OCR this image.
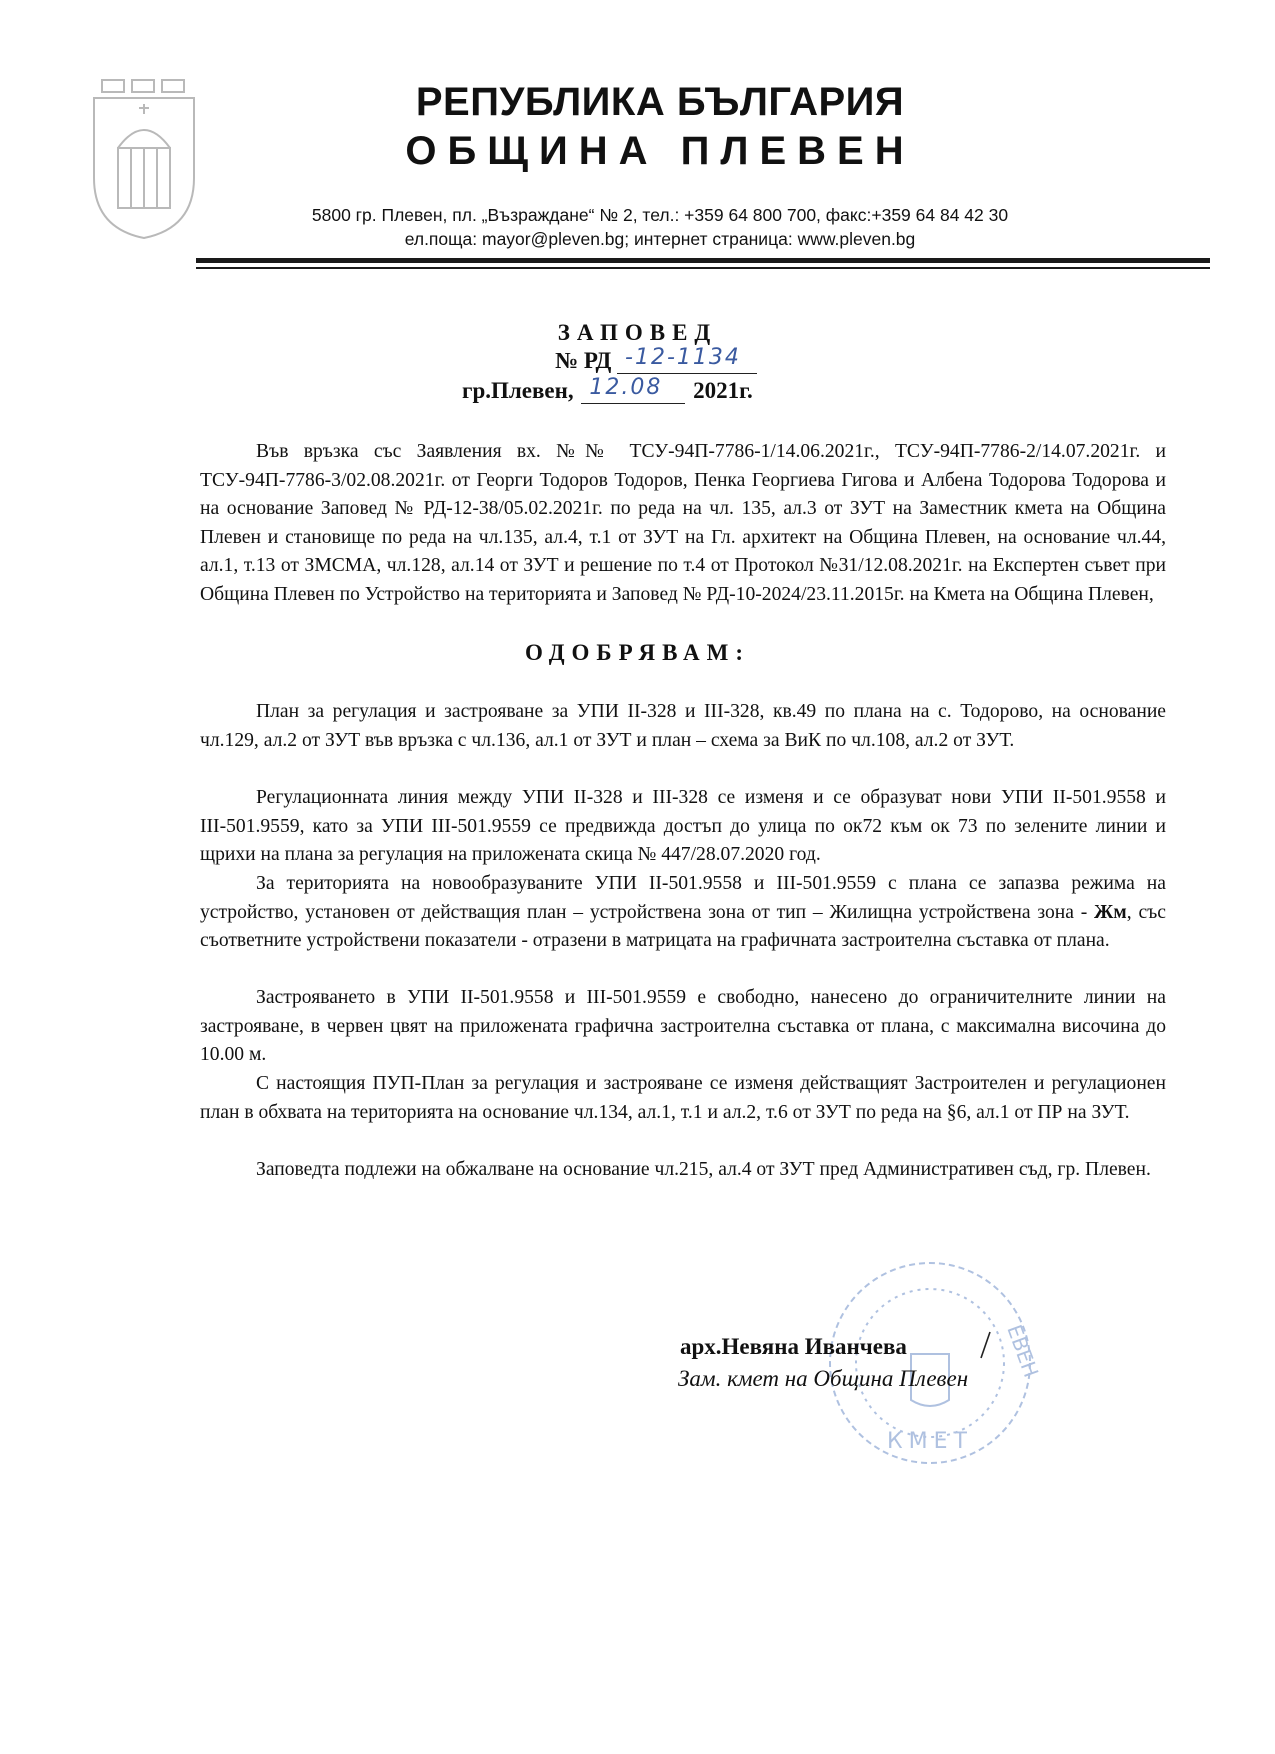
РЕПУБЛИКА БЪЛГАРИЯ
ОБЩИНА ПЛЕВЕН
5800 гр. Плевен, пл. „Възраждане“ № 2, тел.: +359 64 800 700, факс:+359 64 84 42 30
ел.поща: mayor@pleven.bg; интернет страница: www.pleven.bg
ЗАПОВЕД
№ РД -12-1134
гр.Плевен, 12.08 2021г.
Във връзка със Заявления вх. №№ ТСУ-94П-7786-1/14.06.2021г., ТСУ-94П-7786-2/14.07.2021г. и ТСУ-94П-7786-3/02.08.2021г. от Георги Тодоров Тодоров, Пенка Георгиева Гигова и Албена Тодорова Тодорова и на основание Заповед № РД-12-38/05.02.2021г. по реда на чл. 135, ал.3 от ЗУТ на Заместник кмета на Община Плевен и становище по реда на чл.135, ал.4, т.1 от ЗУТ на Гл. архитект на Община Плевен, на основание чл.44, ал.1, т.13 от ЗМСМА, чл.128, ал.14 от ЗУТ и решение по т.4 от Протокол №31/12.08.2021г. на Експертен съвет при Община Плевен по Устройство на територията и Заповед № РД-10-2024/23.11.2015г. на Кмета на Община Плевен,
ОДОБРЯВАМ:
План за регулация и застрояване за УПИ ІІ-328 и ІІІ-328, кв.49 по плана на с. Тодорово, на основание чл.129, ал.2 от ЗУТ във връзка с чл.136, ал.1 от ЗУТ и план – схема за ВиК по чл.108, ал.2 от ЗУТ.
Регулационната линия между УПИ ІІ-328 и ІІІ-328 се изменя и се образуват нови УПИ ІІ-501.9558 и ІІІ-501.9559, като за УПИ ІІІ-501.9559 се предвижда достъп до улица по ок72 към ок 73 по зелените линии и щрихи на плана за регулация на приложената скица № 447/28.07.2020 год.
За територията на новообразуваните УПИ ІІ-501.9558 и ІІІ-501.9559 с плана се запазва режима на устройство, установен от действащия план – устройствена зона от тип – Жилищна устройствена зона - Жм, със съответните устройствени показатели - отразени в матрицата на графичната застроителна съставка от плана.
Застрояването в УПИ ІІ-501.9558 и ІІІ-501.9559 е свободно, нанесено до ограничителните линии на застрояване, в червен цвят на приложената графична застроителна съставка от плана, с максимална височина до 10.00 м.
С настоящия ПУП-План за регулация и застрояване се изменя действащият Застроителен и регулационен план в обхвата на територията на основание чл.134, ал.1, т.1 и ал.2, т.6 от ЗУТ по реда на §6, ал.1 от ПР на ЗУТ.
Заповедта подлежи на обжалване на основание чл.215, ал.4 от ЗУТ пред Административен съд, гр. Плевен.
КМЕТ
ЕВЕН
арх.Невяна Иванчева
Зам. кмет на Община Плевен
